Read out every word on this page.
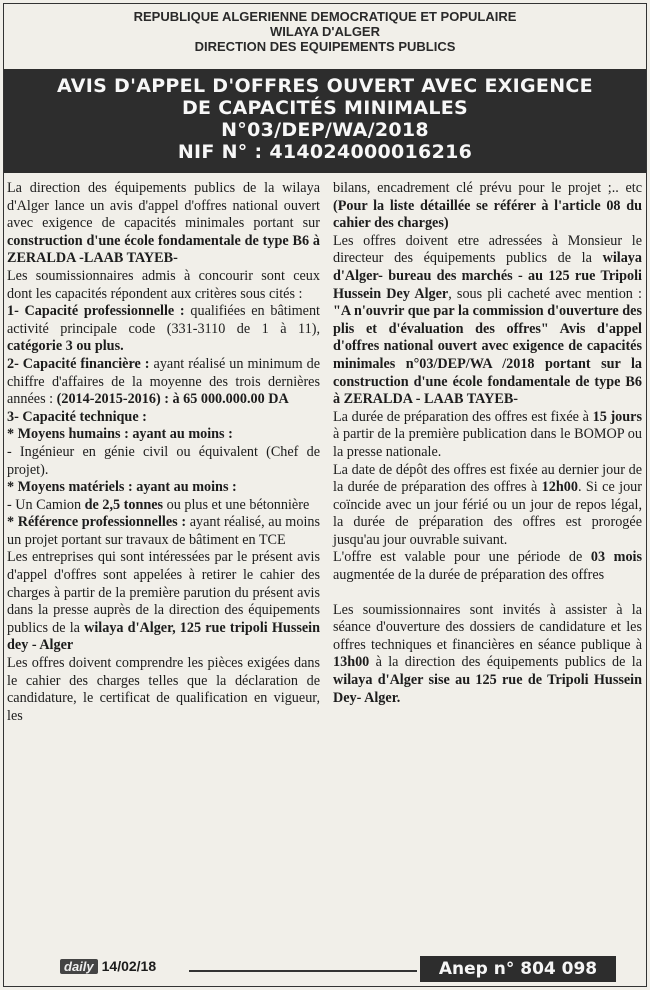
REPUBLIQUE ALGERIENNE DEMOCRATIQUE ET POPULAIRE
WILAYA D'ALGER
DIRECTION DES EQUIPEMENTS PUBLICS
AVIS D'APPEL D'OFFRES OUVERT AVEC EXIGENCE
DE CAPACITÉS MINIMALES
N°03/DEP/WA/2018
NIF N° : 414024000016216

La direction des équipements publics de la wilaya d'Alger lance un avis d'appel d'offres national ouvert avec exigence de capacités minimales portant sur construction d'une école fondamentale de type B6 à ZERALDA -LAAB TAYEB-

Les soumissionnaires admis à concourir sont ceux dont les capacités répondent aux critères sous cités :

1- Capacité professionnelle : qualifiées en bâtiment activité principale code (331-3110 de 1 à 11), catégorie 3 ou plus.

2- Capacité financière : ayant réalisé un minimum de chiffre d'affaires de la moyenne des trois dernières années : (2014-2015-2016) : à 65 000.000.00 DA

3- Capacité technique :

* Moyens humains : ayant au moins :

- Ingénieur en génie civil ou équivalent (Chef de projet).

* Moyens matériels : ayant au moins :

- Un Camion de 2,5 tonnes ou plus et une bétonnière

* Référence professionnelles : ayant réalisé, au moins un projet portant sur travaux de bâtiment en TCE

Les entreprises qui sont intéressées par le présent avis d'appel d'offres sont appelées à retirer le cahier des charges à partir de la première parution du présent avis dans la presse auprès de la direction des équipements publics de la wilaya d'Alger, 125 rue tripoli Hussein dey - Alger

Les offres doivent comprendre les pièces exigées dans le cahier des charges telles que la déclaration de candidature, le certificat de qualification en vigueur, les

bilans, encadrement clé prévu pour le projet ;.. etc (Pour la liste détaillée se référer à l'article 08 du cahier des charges)

Les offres doivent etre adressées à Monsieur le directeur des équipements publics de la wilaya d'Alger- bureau des marchés - au 125 rue Tripoli Hussein Dey Alger, sous pli cacheté avec mention : "A n'ouvrir que par la commission d'ouverture des plis et d'évaluation des offres" Avis d'appel d'offres national ouvert avec exigence de capacités minimales n°03/DEP/WA /2018 portant sur la construction d'une école fondamentale de type B6 à ZERALDA - LAAB TAYEB-

La durée de préparation des offres est fixée à 15 jours à partir de la première publication dans le BOMOP ou la presse nationale.

La date de dépôt des offres est fixée au dernier jour de la durée de préparation des offres à 12h00. Si ce jour coïncide avec un jour férié ou un jour de repos légal, la durée de préparation des offres est prorogée jusqu'au jour ouvrable suivant.

L'offre est valable pour une période de 03 mois augmentée de la durée de préparation des offres

Les soumissionnaires sont invités à assister à la séance d'ouverture des dossiers de candidature et les offres techniques et financières en séance publique à 13h00 à la direction des équipements publics de la wilaya d'Alger sise au 125 rue de Tripoli Hussein Dey- Alger.

daily 14/02/18	Anep n° 804 098
